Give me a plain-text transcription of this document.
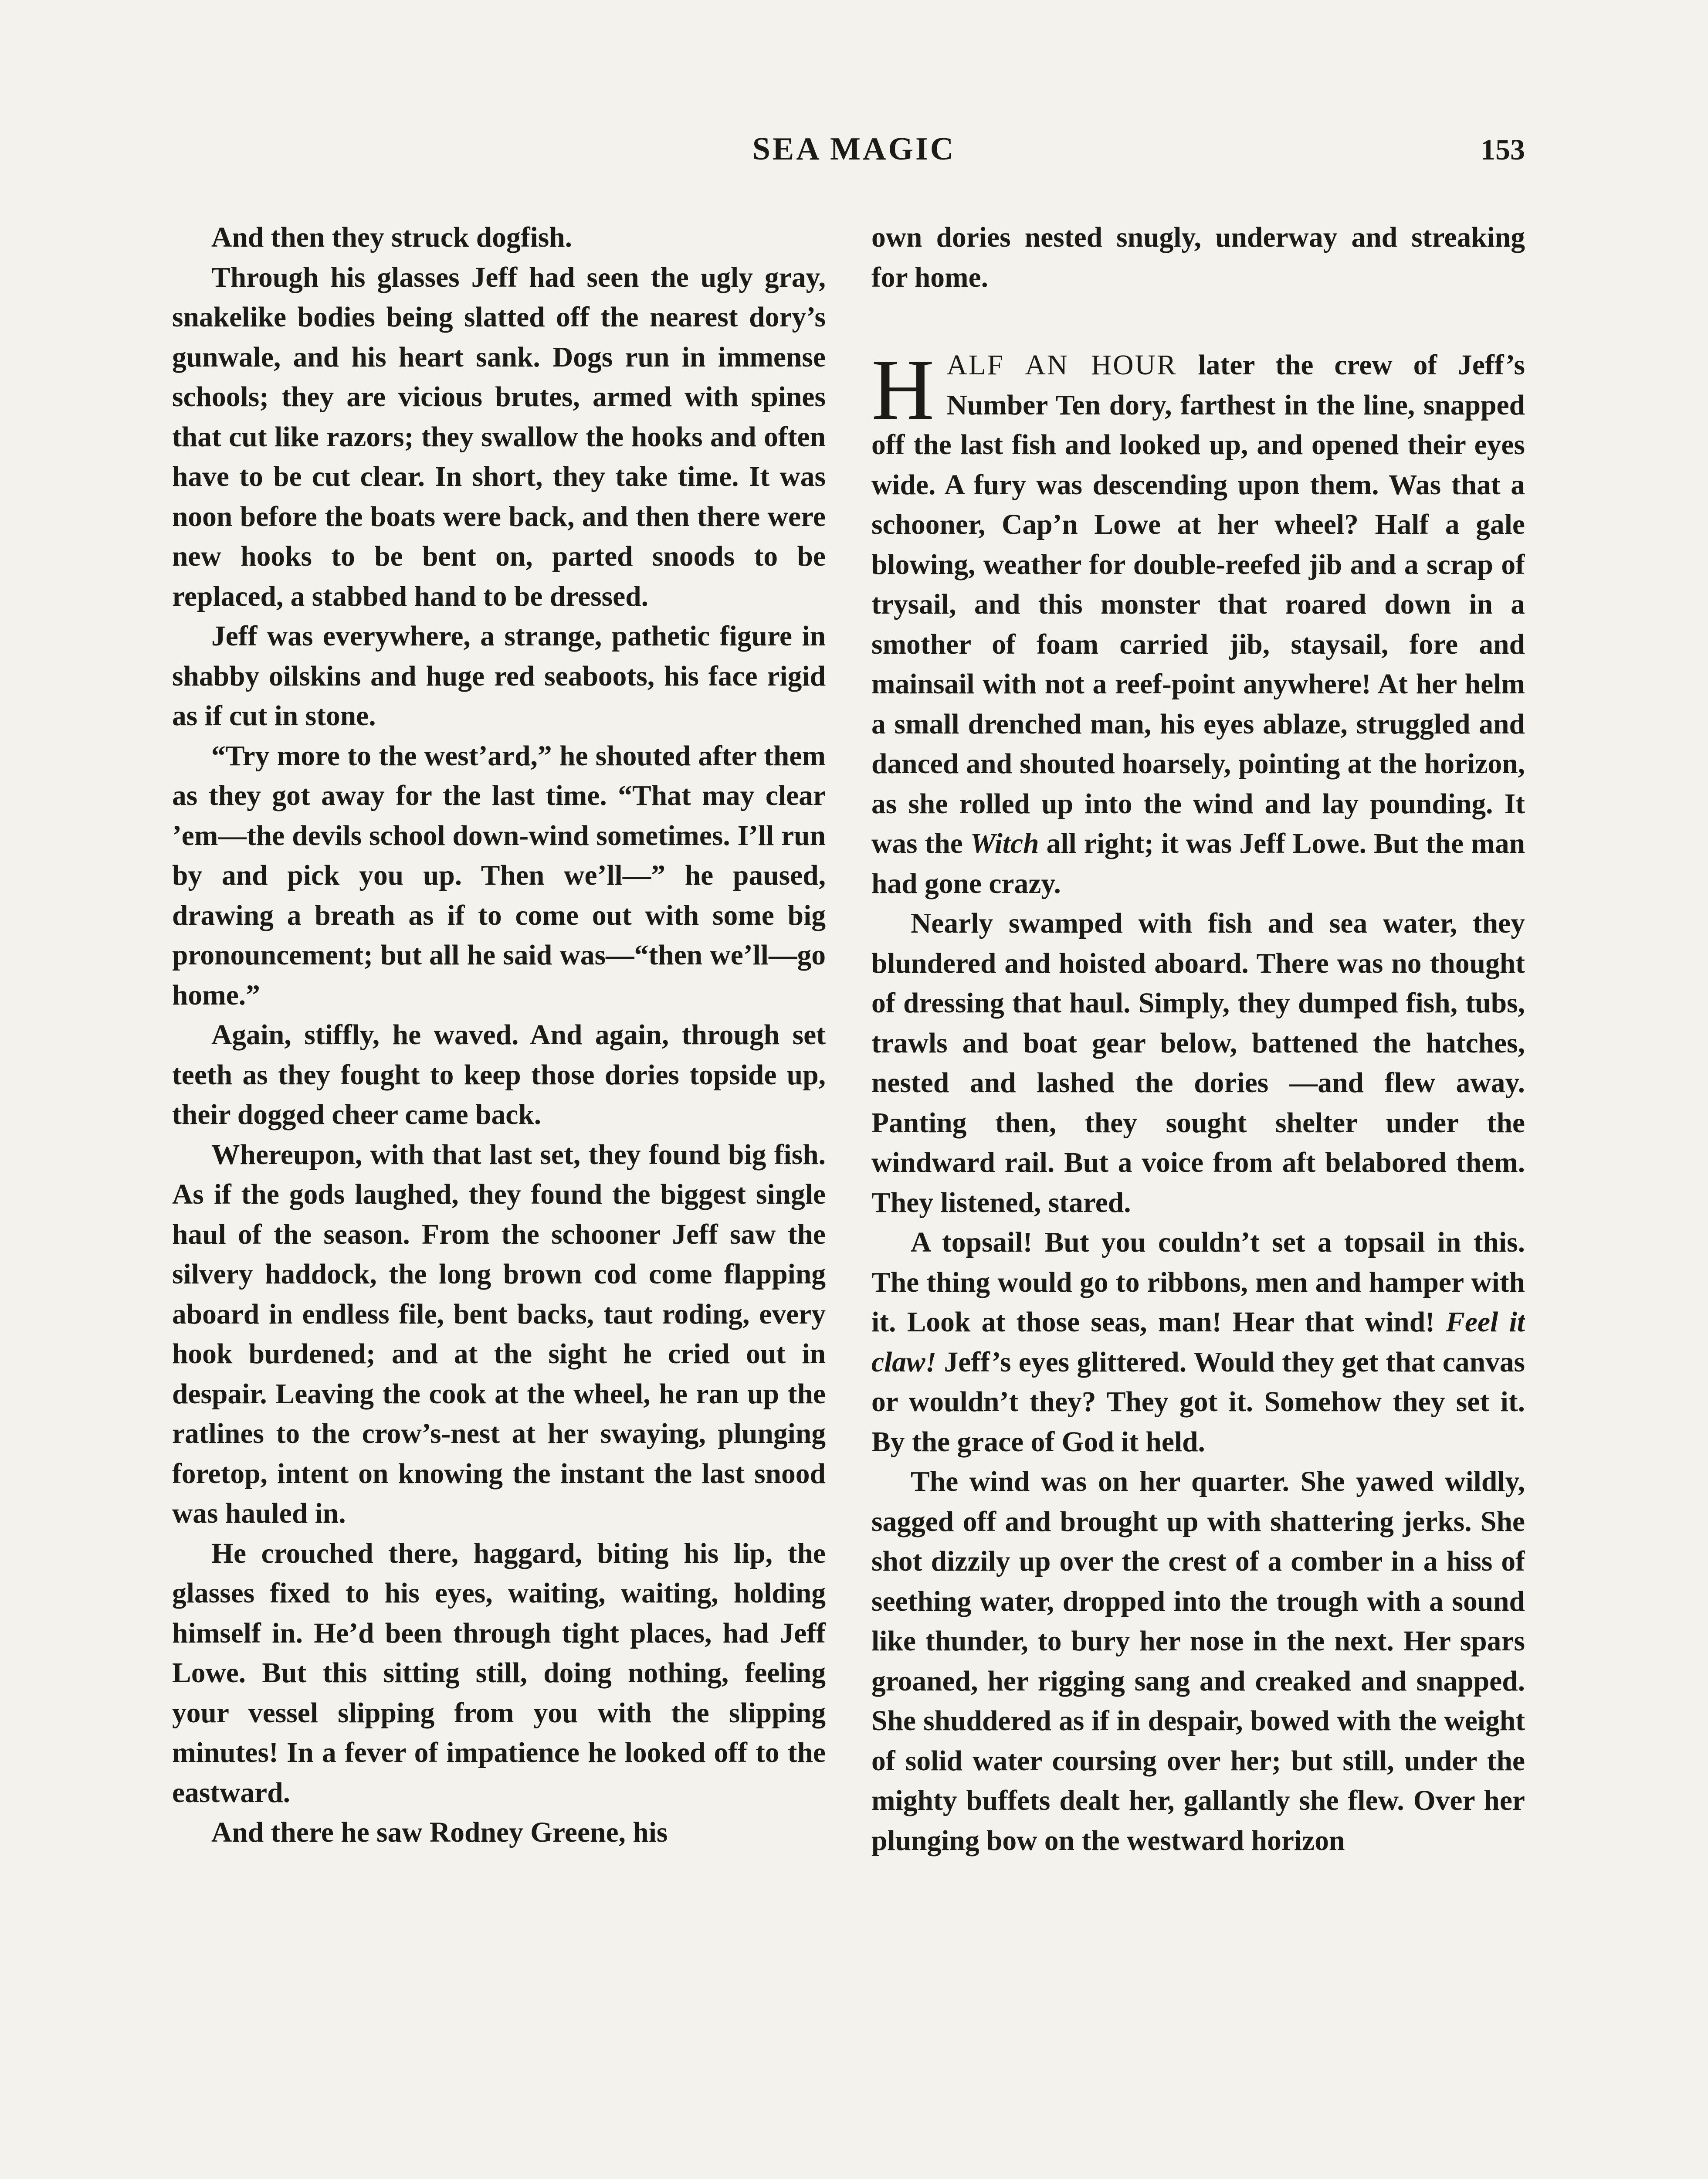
SEA MAGIC	153

And then they struck dogfish.

Through his glasses Jeff had seen the ugly gray, snakelike bodies being slatted off the nearest dory’s gunwale, and his heart sank. Dogs run in immense schools; they are vicious brutes, armed with spines that cut like razors; they swallow the hooks and often have to be cut clear. In short, they take time. It was noon before the boats were back, and then there were new hooks to be bent on, parted snoods to be replaced, a stabbed hand to be dressed.

Jeff was everywhere, a strange, pathetic figure in shabby oilskins and huge red seaboots, his face rigid as if cut in stone.

“Try more to the west’ard,” he shouted after them as they got away for the last time. “That may clear ’em—the devils school down-wind sometimes. I’ll run by and pick you up. Then we’ll—” he paused, drawing a breath as if to come out with some big pronouncement; but all he said was—“then we’ll—go home.”

Again, stiffly, he waved. And again, through set teeth as they fought to keep those dories topside up, their dogged cheer came back.

Whereupon, with that last set, they found big fish. As if the gods laughed, they found the biggest single haul of the season. From the schooner Jeff saw the silvery haddock, the long brown cod come flapping aboard in endless file, bent backs, taut roding, every hook burdened; and at the sight he cried out in despair. Leaving the cook at the wheel, he ran up the ratlines to the crow’s-nest at her swaying, plunging foretop, intent on knowing the instant the last snood was hauled in.

He crouched there, haggard, biting his lip, the glasses fixed to his eyes, waiting, waiting, holding himself in. He’d been through tight places, had Jeff Lowe. But this sitting still, doing nothing, feeling your vessel slipping from you with the slipping minutes! In a fever of impatience he looked off to the eastward.

And there he saw Rodney Greene, his

own dories nested snugly, underway and streaking for home.

HALF AN HOUR later the crew of Jeff’s Number Ten dory, farthest in the line, snapped off the last fish and looked up, and opened their eyes wide. A fury was descending upon them. Was that a schooner, Cap’n Lowe at her wheel? Half a gale blowing, weather for double-reefed jib and a scrap of trysail, and this monster that roared down in a smother of foam carried jib, staysail, fore and mainsail with not a reef-point anywhere! At her helm a small drenched man, his eyes ablaze, struggled and danced and shouted hoarsely, pointing at the horizon, as she rolled up into the wind and lay pounding. It was the Witch all right; it was Jeff Lowe. But the man had gone crazy.

Nearly swamped with fish and sea water, they blundered and hoisted aboard. There was no thought of dressing that haul. Simply, they dumped fish, tubs, trawls and boat gear below, battened the hatches, nested and lashed the dories —and flew away. Panting then, they sought shelter under the windward rail. But a voice from aft belabored them. They listened, stared.

A topsail! But you couldn’t set a topsail in this. The thing would go to ribbons, men and hamper with it. Look at those seas, man! Hear that wind! Feel it claw! Jeff’s eyes glittered. Would they get that canvas or wouldn’t they? They got it. Somehow they set it. By the grace of God it held.

The wind was on her quarter. She yawed wildly, sagged off and brought up with shattering jerks. She shot dizzily up over the crest of a comber in a hiss of seething water, dropped into the trough with a sound like thunder, to bury her nose in the next. Her spars groaned, her rigging sang and creaked and snapped. She shuddered as if in despair, bowed with the weight of solid water coursing over her; but still, under the mighty buffets dealt her, gallantly she flew. Over her plunging bow on the westward horizon
